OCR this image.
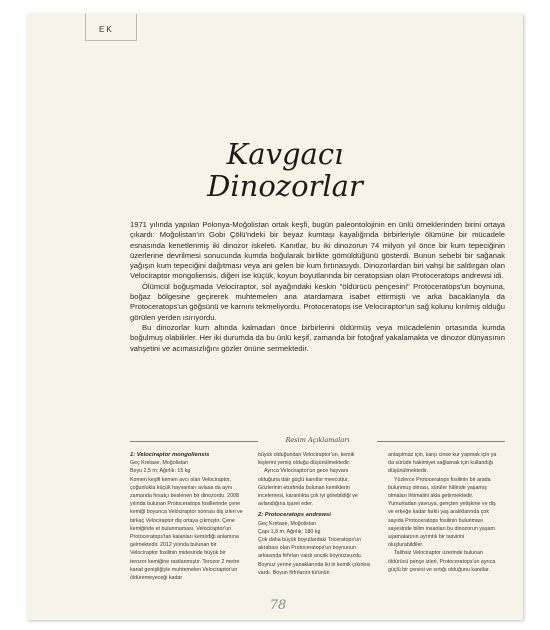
EK
Kavgacı
Dinozorlar

1971 yılında yapılan Polonya-Moğolistan ortak keşfi, bugün paleontolojinin en ünlü örneklerinden birini ortaya çıkardı: Moğolistan'ın Gobi Çölü'ndeki bir beyaz kumtaşı kayalığında birbirleriyle ölümüne bir mücadele esnasında kenetlenmiş iki dinozor iskeleti. Kanıtlar, bu iki dinozorun 74 milyon yıl önce bir kum tepeciğinin üzerlerine devrilmesi sonucunda kumda boğularak birlikte gömüldüğünü gösterdi. Bunun sebebi bir sağanak yağışın kum tepeciğini dağıtması veya ani gelen bir kum fırtınasıydı. Dinozorlardan biri vahşi bir saldırgan olan Velociraptor mongoliensis, diğeri ise küçük, koyun boyutlarında bir ceratopsian olan Protoceratops andrewsi idi.

Ölümcül boğuşmada Velociraptor, sol ayağındaki keskin "öldürücü pençesini" Protoceratops'un boynuna, boğaz bölgesine geçirerek muhtemelen ana atardamara isabet ettirmişti ve arka bacaklarıyla da Protoceratops'un göğsünü ve karnını tekmeliyordu. Protoceratops ise Velociraptor'un sağ kolunu kırılmış olduğu görülen yerden ısırıyordu.

Bu dinozorlar kum altında kalmadan önce birbirlerini öldürmüş veya mücadelenin ortasında kumda boğulmuş olabilirler. Her iki durumda da bu ünlü keşif, zamanda bir fotoğraf yakalamakta ve dinozor dünyasının vahşetini ve acımasızlığını gözler önüne sermektedir.

Resim Açıklamaları
1: Velociraptor mongoliensis

Geç Kretase, Moğolistan

Boyu 2,5 m; Ağırlık: 15 kg

Komen keşifi kemen avcı olan Velociraptor, çoğunlukla küçük hayvanları avlasa da aynı zamanda fırsatçı beslenen bir dinozordu. 2008 yılında bulunan Protoceratops fosillerinde çene kemiği boyunca Velociraptor sonrası diş izleri ve birkaç Velociraptor diş ortaya çıkmıştır. Çene kemiğinde et bulunmaması, Velociraptor'un Protoceratops'tan kalanları kemirdiği anlamına gelmektedir. 2012 yılında bulunan bir Velociraptor fosilinin midesinde büyük bir terozor kemiğine rastlanmıştır. Terozor 2 metre kanat genişliğiyle muhtemelen Velociraptor'un öldüremeyeceği kadar

büyük olduğundan Velociraptor'un, kemik leşlerini yemiş olduğu düşünülmektedir.

Ayrıca Velociraptor'un gece hayvanı olduğuna dair güçlü kanıtlar mevcuttur. Gözlerinin etrafında bulunan kemiklerin incelemesi, karanlıkta çok iyi görebildiği ve avlandığına işaret eder.

2: Protoceratops andrewsi

Geç Kretase, Moğolistan

Çapı 1,8 m; Ağırlık: 180 kg

Çok daha büyük boyutlardaki Triceratops'un akrabası olan Protoceratops'un boynunun arkasında firfırları vardı ancak boynuzsuzdu. Boynuz yerine yanaklarında iki iri kemik çıkıntısı vardı. Boyun firfırlarını türünün

anlaşılmaz için, karşı cinse kur yapmak için ya da sürüde hakimiyet sağlamak için kullandığı düşünülmektedir.

Yüzlerce Protoceratops fosilinin bir arada bulunmuş olması, sürüler hâlinde yaşamış olmaları ihtimalini akla getirmektedir. Yumurtadan yavruya, gençten yetişkine ve diş ve erkeğe kadar farklı yaş aralıklarında çok sayıda Protoceratops fosilinin bulunması sayesinde bilim insanları bu dinozorun yaşam aşamalarının ayrıntılı bir tasvirini oluşturabildiler.

Talihsiz Velociraptor üzerinde bulunan öldürücü pençe izleri, Protoceratops'un ayrıca güçlü bir çenesi ve sırtığı olduğunu kanıtlar.

78
